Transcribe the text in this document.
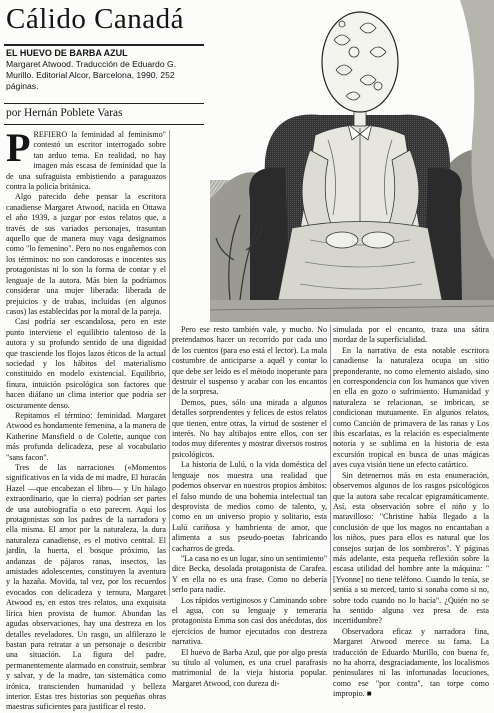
Cálido Canadá
EL HUEVO DE BARBA AZUL
Margaret Atwood. Traducción de Eduardo G. Murillo. Editorial Alcor, Barcelona, 1990, 252 páginas.
por Hernán Poblete Varas

PREFIERO la feminidad al feminismo" contestó un escritor interrogado sobre tan arduo tema. En realidad, no hay imagen más escasa de feminidad que la de una sufraguista embistiendo a paraguazos contra la policía británica.

Algo parecido debe pensar la escritora canadiense Margaret Atwood, nacida en Ottawa el año 1939, a juzgar por estos relatos que, a través de sus variados personajes, trasuntan aquello que de manera muy vaga designamos como "lo femenino". Pero no nos engañemos con los términos: no son candorosas e inocentes sus protagonistas ni lo son la forma de contar y el lenguaje de la autora. Más bien la podríamos considerar una mujer liberada: liberada de prejuicios y de trabas, incluidas (en algunos casos) las establecidas por la moral de la pareja.

Casi podría ser escandalosa, pero en este punto interviene el equilibrio talentoso de la autora y su profundo sentido de una dignidad que trasciende los flojos lazos éticos de la actual sociedad y los hábitos del materialismo constituido en modelo existencial. Equilibrio, finura, intuición psicológica son factores que hacen diáfano un clima interior que podría ser oscuramente denso.

Repitamos el término: feminidad. Margaret Atwood es hondamente femenina, a la manera de Katherine Mansfield o de Colette, aunque con más profunda delicadeza, pese al vocabulario "sans facon".

Tres de las narraciones («Momentos significativos en la vida de mi madre, El huracán Hazel —que encabezan el libro— y Un halago extraordinario, que lo cierra) podrían ser partes de una autobiografía o eso parecen. Aquí los protagonistas son los padres de la narradora y ella misma. El amor por la naturaleza, la dura naturaleza canadiense, es el motivo central. El jardín, la huerta, el bosque próximo, las andanzas de pájaros ranas, insectos, las amistades adolescentes, constituyen la aventura y la hazaña. Movida, tal vez, por los recuerdos evocados con delicadeza y ternura, Margaret Atwood es, en estos tres relatos, una exquisita lírica bien provista de humor. Abundan las agudas observaciones, hay una destreza en los detalles reveladores. Un rasgo, un alfilerazo le bastan para retratar a un personaje o describir una situación. La figura del padre, permanentemente alarmado en construir, sembrar y salvar, y de la madre, tan sistemática como irónica, transcienden humanidad y belleza interior. Estas tres historias son pequeñas obras maestras suficientes para justificar el resto.

Pero ese resto también vale, y mucho. No pretendamos hacer un recorrido por cada uno de los cuentos (para eso está el lector). La mala costumbre de anticiparse a aquél y contar lo que debe ser leído es el método inoperante para destruir el suspenso y acabar con los encantos de la sorpresa.

Demos, pues, sólo una mirada a algunos detalles sorprendentes y felices de estos relatos que tienen, entre otras, la virtud de sostener el interés. No hay altibajos entre ellos, con ser todos muy diferentes y mostrar diversos rostros psicológicos.

La historia de Lulú, o la vida doméstica del lenguaje nos muestra una realidad que podemos observar en nuestros propios ámbitos: el falso mundo de una bohemia intelectual tan desprovista de medios como de talento, y, como en un universo propio y solitario, esta Lulú cariñosa y hambrienta de amor, que alimenta a sus pseudo-poetas fabricando cacharros de greda.

"La casa no es un lugar, sino un sentimiento" dice Becka, desolada protagonista de Carafea. Y en ella no es una frase. Como no debería serlo para nadie.

Los rápidos vertiginosos y Caminando sobre el agua, con su lenguaje y temeraria protagonista Emma son casi dos anécdotas, dos ejercicios de humor ejecutados con destreza narrativa.

El huevo de Barba Azul, que por algo presta su título al volumen, es una cruel parafrasis matrimonial de la vieja historia popular. Margaret Atwood, con dureza di-

simulada por el encanto, traza una sátira mordaz de la superficialidad.

En la narrativa de esta notable escritora canadiense la naturaleza ocupa un sitio preponderante, no como elemento aislado, sino en correspondencia con los humanos que viven en ella en gozo o sufrimiento. Humanidad y naturaleza se relacionan, se imbrican, se condicionan mutuamente. En algunos relatos, como Canción de primavera de las ranas y Los ibis escarlatas, es la relación es especialmente notoria y se sublima en la historia de esta excursión tropical en busca de unas mágicas aves cuya visión tiene un efecto catártico.

Sin detenernos más en esta enumeración, observemos algunos de los rasgos psicológicos que la autora sabe recalcar epigramáticamente. Así, esta observación sobre el niño y lo maravilloso: "Christine había llegado a la conclusión de que los magos no encantaban a los niños, pues para ellos es natural que los consejos surjan de los sombreros". Y páginas más adelante, esta pequeña reflexión sobre la escasa utilidad del hombre ante la máquina: "[Yvonne] no tiene teléfono. Cuando lo tenía, se sentía a su merced, tanto si sonaba como si no, sobre todo cuando no lo hacía". ¿Quién no se ha sentido alguna vez presa de esta incertidumbre?

Observadora eficaz y narradora fina, Margaret Atwood merece su fama. La traducción de Eduardo Murillo, con buena fe, no ha ahorra, desgraciadamente, los localismos peninsulares ni las infortunadas locuciones, como ese "por contra", tan torpe como impropio. ■
